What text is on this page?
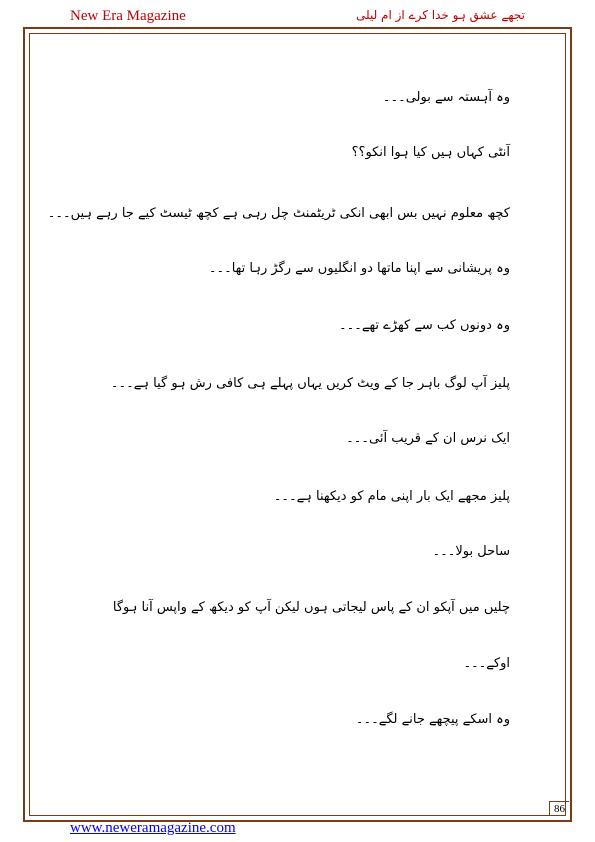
New Era Magazine	تجھے عشق ہو خدا کرے از ام لیلی
وہ آہستہ سے بولی۔۔۔
آنٹی کہاں ہیں کیا ہوا انکو؟؟
کچھ معلوم نہیں بس ابھی انکی ٹریٹمنٹ چل رہی ہے کچھ ٹیسٹ کیے جا رہے ہیں۔۔۔
وہ پریشانی سے اپنا ماتھا دو انگلیوں سے رگڑ رہا تھا۔۔۔
وہ دونوں کب سے کھڑے تھے۔۔۔
پلیز آپ لوگ باہر جا کے ویٹ کریں یہاں پہلے ہی کافی رش ہو گیا ہے۔۔۔
ایک نرس ان کے قریب آئی۔۔۔
پلیز مجھے ایک بار اپنی مام کو دیکھنا ہے۔۔۔
ساحل بولا۔۔۔
چلیں میں آپکو ان کے پاس لیجاتی ہوں لیکن آپ کو دیکھ کے واپس آنا ہوگا
اوکے۔۔۔
وہ اسکے پیچھے جانے لگے۔۔۔
86
www.neweramagazine.com
